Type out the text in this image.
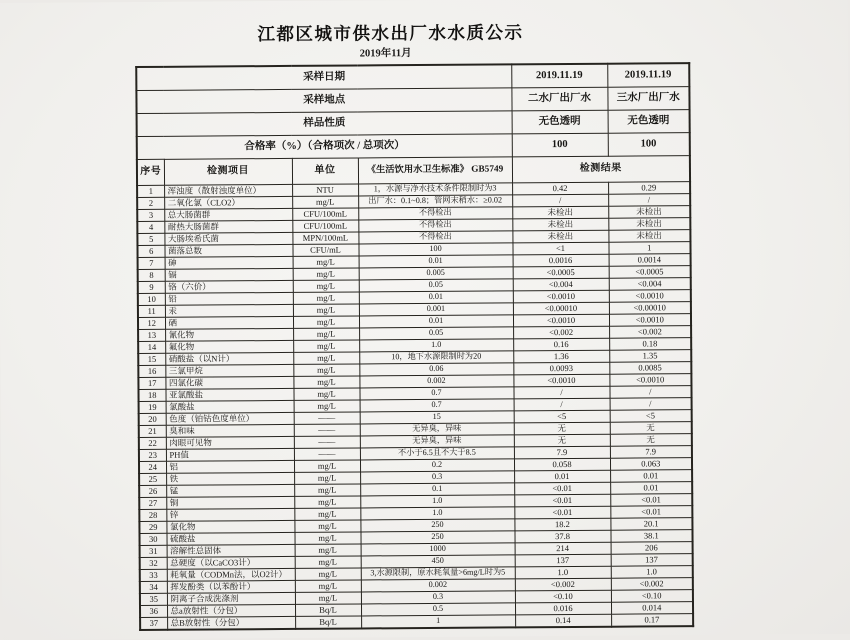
江都区城市供水出厂水水质公示
2019年11月
采样日期				2019.11.19	2019.11.19
采样地点				二水厂出厂水	三水厂出厂水
样品性质				无色透明	无色透明
合格率（%）（合格项次 / 总项次）				100	100
序号	检测项目	单位	《生活饮用水卫生标准》 GB5749	检测结果	
1	浑浊度（散射浊度单位）	NTU	1，水源与净水技术条件限制时为3	0.42	0.29
2	二氧化氯（CLO2）	mg/L	出厂水：0.1~0.8；管网末稍水：≥0.02	/	/
3	总大肠菌群	CFU/100mL	不得检出	未检出	未检出
4	耐热大肠菌群	CFU/100mL	不得检出	未检出	未检出
5	大肠埃希氏菌	MPN/100mL	不得检出	未检出	未检出
6	菌落总数	CFU/mL	100	<1	1
7	砷	mg/L	0.01	0.0016	0.0014
8	镉	mg/L	0.005	<0.0005	<0.0005
9	铬（六价）	mg/L	0.05	<0.004	<0.004
10	铅	mg/L	0.01	<0.0010	<0.0010
11	汞	mg/L	0.001	<0.00010	<0.00010
12	硒	mg/L	0.01	<0.0010	<0.0010
13	氰化物	mg/L	0.05	<0.002	<0.002
14	氟化物	mg/L	1.0	0.16	0.18
15	硝酸盐（以N计）	mg/L	10，地下水源限制时为20	1.36	1.35
16	三氯甲烷	mg/L	0.06	0.0093	0.0085
17	四氯化碳	mg/L	0.002	<0.0010	<0.0010
18	亚氯酸盐	mg/L	0.7	/	/
19	氯酸盐	mg/L	0.7	/	/
20	色度（铂钴色度单位）	——	15	<5	<5
21	臭和味	——	无异臭，异味	无	无
22	肉眼可见物	——	无异臭，异味	无	无
23	PH值	——	不小于6.5且不大于8.5	7.9	7.9
24	铝	mg/L	0.2	0.058	0.063
25	铁	mg/L	0.3	0.01	0.01
26	锰	mg/L	0.1	<0.01	0.01
27	铜	mg/L	1.0	<0.01	<0.01
28	锌	mg/L	1.0	<0.01	<0.01
29	氯化物	mg/L	250	18.2	20.1
30	硫酸盐	mg/L	250	37.8	38.1
31	溶解性总固体	mg/L	1000	214	206
32	总硬度（以CaCO3计）	mg/L	450	137	137
33	耗氧量（CODMn法，以O2计）	mg/L	3,水源限制，原水耗氧量>6mg/L时为5	1.0	1.0
34	挥发酚类（以苯酚计）	mg/L	0.002	<0.002	<0.002
35	阴离子合成洗涤剂	mg/L	0.3	<0.10	<0.10
36	总a放射性（分包）	Bq/L	0.5	0.016	0.014
37	总B放射性（分包）	Bq/L	1	0.14	0.17
